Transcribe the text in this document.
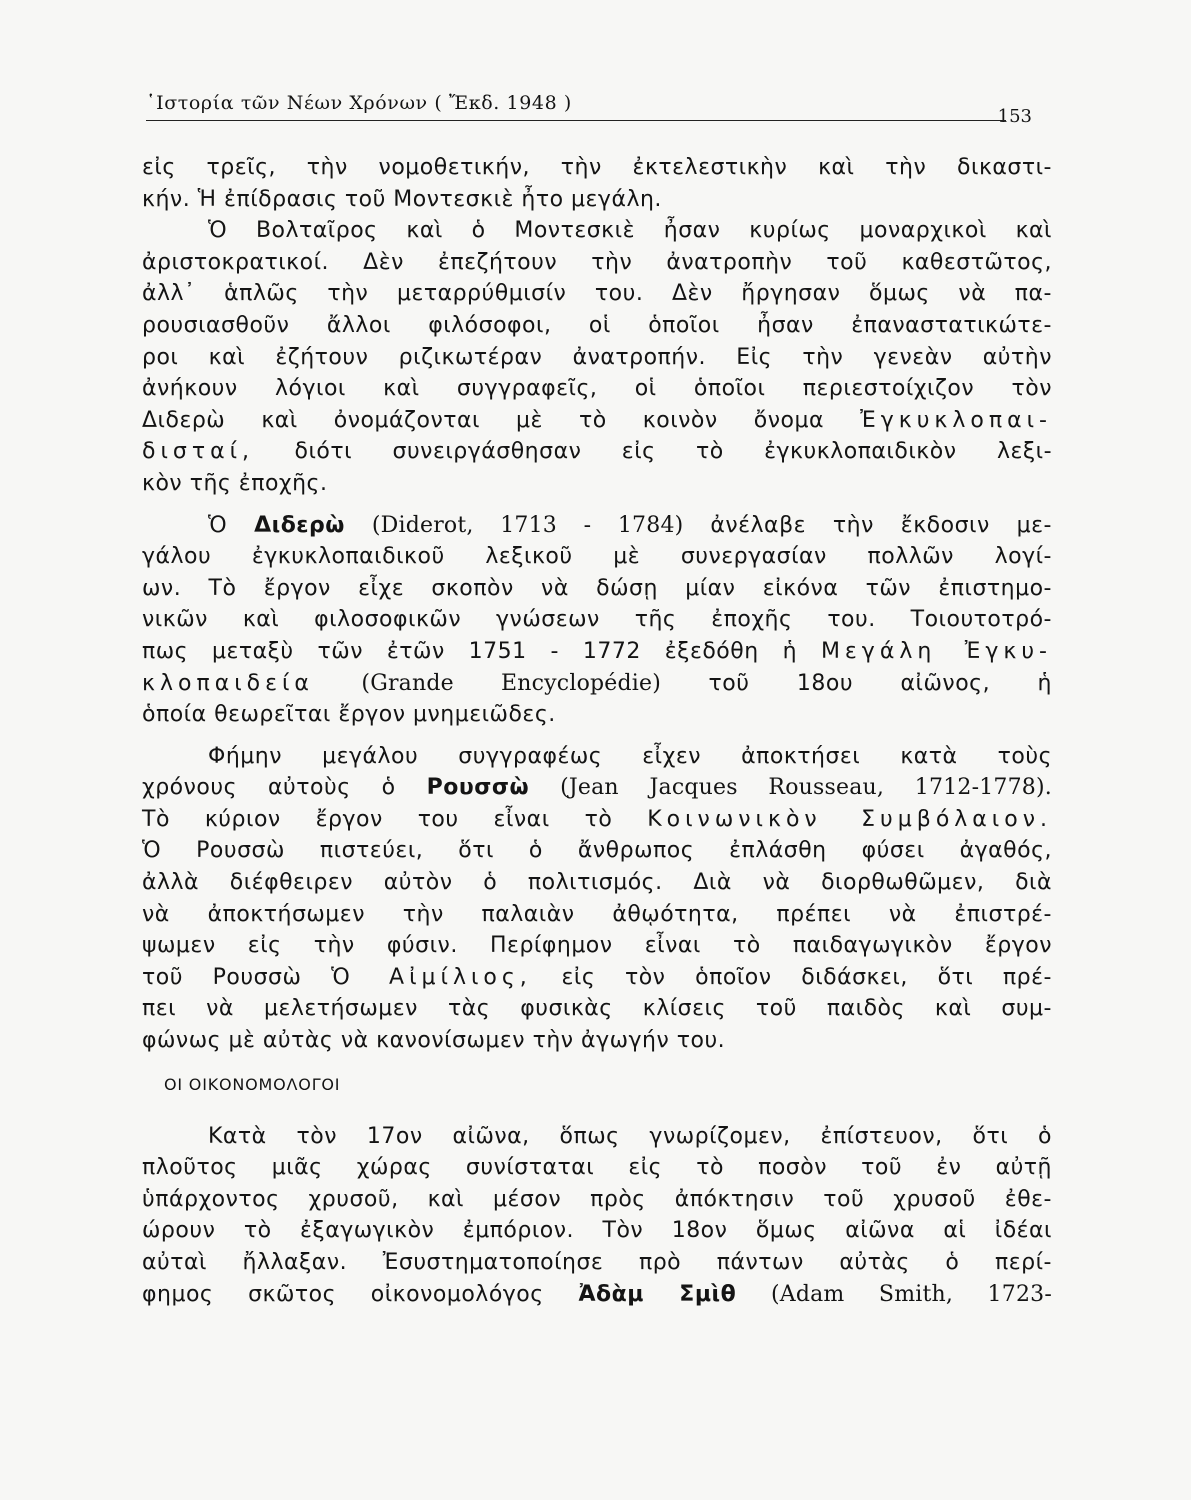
῾Ιστορία τῶν Νέων Χρόνων ( Ἔκδ. 1948 )
153
εἰς τρεῖς, τὴν νομοθετικήν, τὴν ἐκτελεστικὴν καὶ τὴν δικαστι-
κήν. Ἡ ἐπίδρασις τοῦ Μοντεσκιὲ ἦτο μεγάλη.
Ὁ Βολταῖρος καὶ ὁ Μοντεσκιὲ ἦσαν κυρίως μοναρχικοὶ καὶ
ἀριστοκρατικοί. Δὲν ἐπεζήτουν τὴν ἀνατροπὴν τοῦ καθεστῶτος,
ἀλλ᾽ ἁπλῶς τὴν μεταρρύθμισίν του. Δὲν ἤργησαν ὅμως νὰ πα-
ρουσιασθοῦν ἄλλοι φιλόσοφοι, οἱ ὁποῖοι ἦσαν ἐπαναστατικώτε-
ροι καὶ ἐζήτουν ριζικωτέραν ἀνατροπήν. Εἰς τὴν γενεὰν αὐτὴν
ἀνήκουν λόγιοι καὶ συγγραφεῖς, οἱ ὁποῖοι περιεστοίχιζον τὸν
Διδερὼ καὶ ὀνομάζονται μὲ τὸ κοινὸν ὄνομα Ἐγκυκλοπαι-
δισταί, διότι συνειργάσθησαν εἰς τὸ ἐγκυκλοπαιδικὸν λεξι-
κὸν τῆς ἐποχῆς.
Ὁ Διδερὼ (Diderot, 1713 - 1784) ἀνέλαβε τὴν ἔκδοσιν με-
γάλου ἐγκυκλοπαιδικοῦ λεξικοῦ μὲ συνεργασίαν πολλῶν λογί-
ων. Τὸ ἔργον εἶχε σκοπὸν νὰ δώσῃ μίαν εἰκόνα τῶν ἐπιστημο-
νικῶν καὶ φιλοσοφικῶν γνώσεων τῆς ἐποχῆς του. Τοιουτοτρό-
πως μεταξὺ τῶν ἐτῶν 1751 - 1772 ἐξεδόθη ἡ Μεγάλη Ἐγκυ-
κλοπαιδεία (Grande Encyclopédie) τοῦ 18ου αἰῶνος, ἡ
ὁποία θεωρεῖται ἔργον μνημειῶδες.
Φήμην μεγάλου συγγραφέως εἶχεν ἀποκτήσει κατὰ τοὺς
χρόνους αὐτοὺς ὁ Ρουσσὼ (Jean Jacques Rousseau, 1712-1778).
Τὸ κύριον ἔργον του εἶναι τὸ Κοινωνικὸν Συμβόλαιον.
Ὁ Ρουσσὼ πιστεύει, ὅτι ὁ ἄνθρωπος ἐπλάσθη φύσει ἀγαθός,
ἀλλὰ διέφθειρεν αὐτὸν ὁ πολιτισμός. Διὰ νὰ διορθωθῶμεν, διὰ
νὰ ἀποκτήσωμεν τὴν παλαιὰν ἀθῳότητα, πρέπει νὰ ἐπιστρέ-
ψωμεν εἰς τὴν φύσιν. Περίφημον εἶναι τὸ παιδαγωγικὸν ἔργον
τοῦ Ρουσσὼ Ὁ Αἰμίλιος, εἰς τὸν ὁποῖον διδάσκει, ὅτι πρέ-
πει νὰ μελετήσωμεν τὰς φυσικὰς κλίσεις τοῦ παιδὸς καὶ συμ-
φώνως μὲ αὐτὰς νὰ κανονίσωμεν τὴν ἀγωγήν του.
ΟΙ ΟΙΚΟΝΟΜΟΛΟΓΟΙ
Κατὰ τὸν 17ον αἰῶνα, ὅπως γνωρίζομεν, ἐπίστευον, ὅτι ὁ
πλοῦτος μιᾶς χώρας συνίσταται εἰς τὸ ποσὸν τοῦ ἐν αὐτῇ
ὑπάρχοντος χρυσοῦ, καὶ μέσον πρὸς ἀπόκτησιν τοῦ χρυσοῦ ἐθε-
ώρουν τὸ ἐξαγωγικὸν ἐμπόριον. Τὸν 18ον ὅμως αἰῶνα αἱ ἰδέαι
αὐταὶ ἤλλαξαν. Ἐσυστηματοποίησε πρὸ πάντων αὐτὰς ὁ περί-
φημος σκῶτος οἰκονομολόγος Ἀδὰμ Σμὶθ (Adam Smith, 1723-
